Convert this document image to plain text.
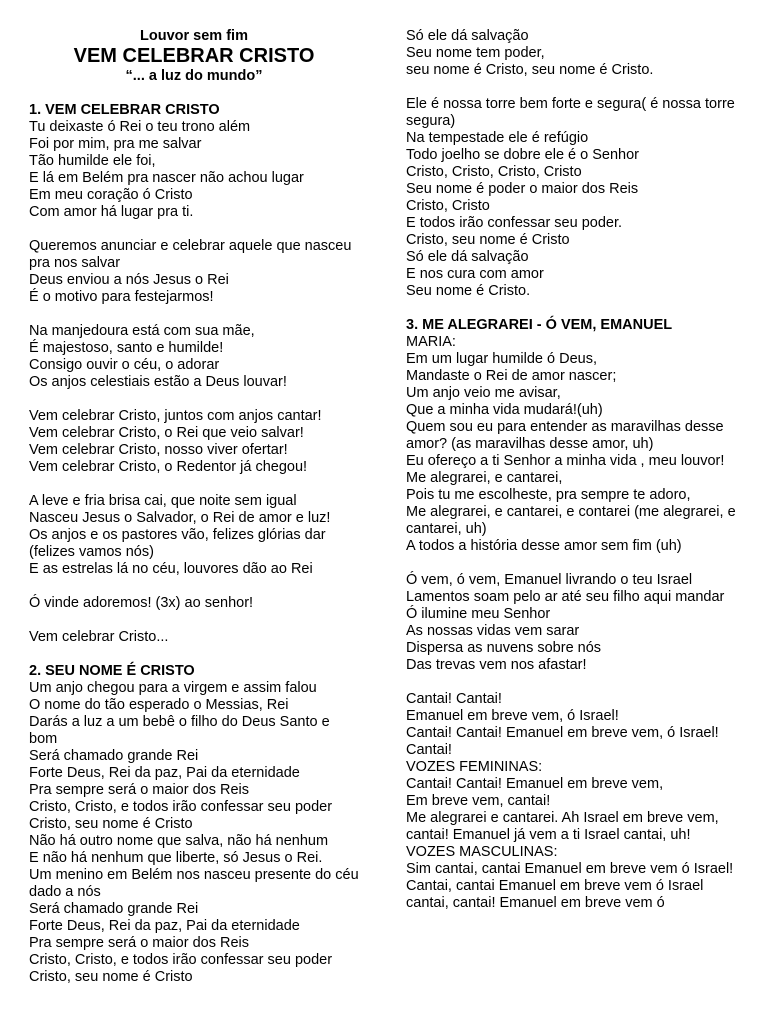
Louvor sem fim
VEM CELEBRAR CRISTO
“... a luz do mundo”
1. VEM CELEBRAR CRISTO
Tu deixaste ó Rei o teu trono além
Foi por mim, pra me salvar
Tão humilde ele foi,
E lá em Belém pra nascer não achou lugar
Em meu coração ó Cristo
Com amor há lugar pra ti.
Queremos anunciar e celebrar aquele que nasceu pra nos salvar
Deus enviou a nós Jesus o Rei
É o motivo para festejarmos!
Na manjedoura está com sua mãe,
É majestoso, santo e humilde!
Consigo ouvir o céu, o adorar
Os anjos celestiais estão a Deus louvar!
Vem celebrar Cristo, juntos com anjos cantar!
Vem celebrar Cristo, o Rei que veio salvar!
Vem celebrar Cristo, nosso viver ofertar!
Vem celebrar Cristo, o Redentor já chegou!
A leve e fria brisa cai, que noite sem igual
Nasceu Jesus o Salvador, o Rei de amor e luz!
Os anjos e os pastores vão, felizes glórias dar (felizes vamos nós)
E as estrelas lá no céu, louvores dão ao Rei
Ó vinde adoremos! (3x) ao senhor!
Vem celebrar Cristo...
2. SEU NOME É CRISTO
Um anjo chegou para a virgem e assim falou
O nome do tão esperado o Messias, Rei
Darás a luz a um bebê o filho do Deus Santo e bom
Será chamado grande Rei
Forte Deus, Rei da paz, Pai da eternidade
Pra sempre será o maior dos Reis
Cristo, Cristo, e todos irão confessar seu poder
Cristo, seu nome é Cristo
Não há outro nome que salva, não há nenhum
E não há nenhum que liberte, só Jesus o Rei.
Um menino em Belém nos nasceu presente do céu dado a nós
Será chamado grande Rei
Forte Deus, Rei da paz, Pai da eternidade
Pra sempre será o maior dos Reis
Cristo, Cristo, e todos irão confessar seu poder
Cristo, seu nome é Cristo
Só ele dá salvação
Seu nome tem poder,
seu nome é Cristo, seu nome é Cristo.
Ele é nossa torre bem forte e segura( é nossa torre segura)
Na tempestade ele é refúgio
Todo joelho se dobre ele é o Senhor
Cristo, Cristo, Cristo, Cristo
Seu nome é poder o maior dos Reis
Cristo, Cristo
E todos irão confessar seu poder.
Cristo, seu nome é Cristo
Só ele dá salvação
E nos cura com amor
Seu nome é Cristo.
3. ME ALEGRAREI - Ó VEM, EMANUEL
MARIA:
Em um lugar humilde ó Deus,
Mandaste o Rei de amor nascer;
Um anjo veio me avisar,
Que a minha vida mudará!(uh)
Quem sou eu para entender as maravilhas desse amor? (as maravilhas desse amor, uh)
Eu ofereço a ti Senhor a minha vida , meu louvor!
Me alegrarei, e cantarei,
Pois tu me escolheste, pra sempre te adoro,
Me alegrarei, e cantarei, e contarei (me alegrarei, e cantarei, uh)
A todos a história desse amor sem fim (uh)
Ó vem, ó vem, Emanuel livrando o teu Israel
Lamentos soam pelo ar até seu filho aqui mandar
Ó ilumine meu Senhor
As nossas vidas vem sarar
Dispersa as nuvens sobre nós
Das trevas vem nos afastar!
Cantai! Cantai!
Emanuel em breve vem, ó Israel!
Cantai! Cantai! Emanuel em breve vem, ó Israel! Cantai!
VOZES FEMININAS:
Cantai! Cantai! Emanuel em breve vem,
Em breve vem, cantai!
Me alegrarei e cantarei. Ah Israel em breve vem, cantai! Emanuel já vem a ti Israel cantai, uh!
VOZES MASCULINAS:
Sim cantai, cantai Emanuel em breve vem ó Israel! Cantai, cantai Emanuel em breve vem ó Israel cantai, cantai! Emanuel em breve vem ó
